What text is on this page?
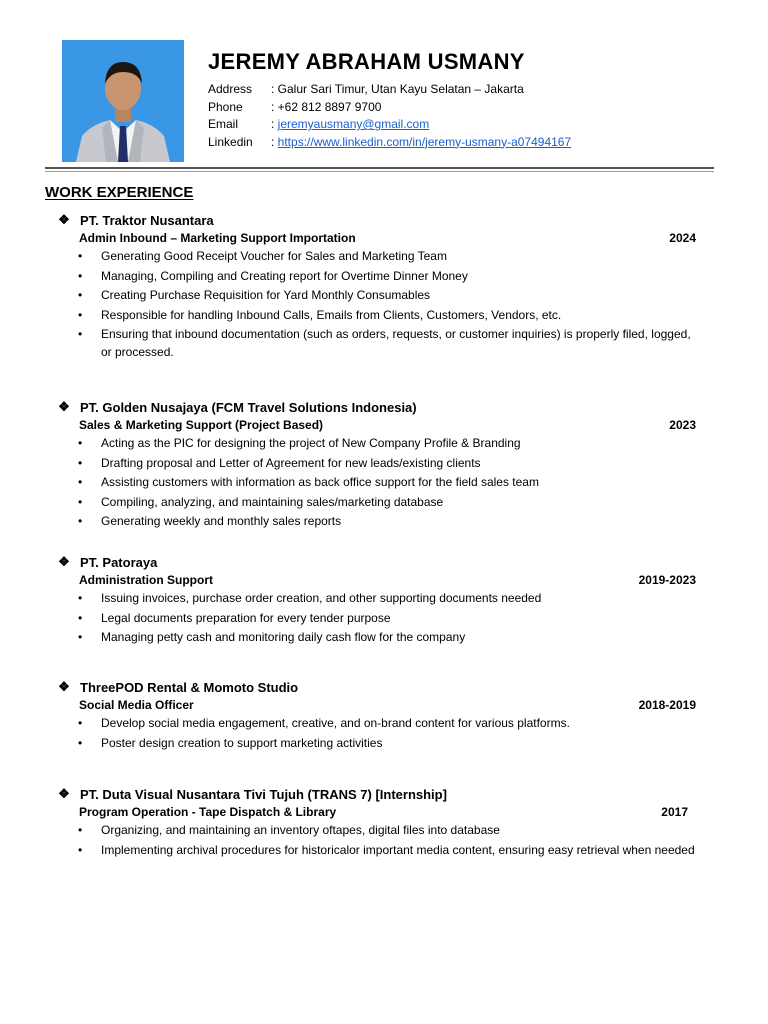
JEREMY ABRAHAM USMANY
Address	: Galur Sari Timur, Utan Kayu Selatan – Jakarta
Phone	: +62 812 8897 9700
Email	: jeremyausmany@gmail.com
Linkedin	: https://www.linkedin.com/in/jeremy-usmany-a07494167
WORK EXPERIENCE
❖ PT. Traktor Nusantara
Admin Inbound – Marketing Support Importation	2024
• Generating Good Receipt Voucher for Sales and Marketing Team
• Managing, Compiling and Creating report for Overtime Dinner Money
• Creating Purchase Requisition for Yard Monthly Consumables
• Responsible for handling Inbound Calls, Emails from Clients, Customers, Vendors, etc.
• Ensuring that inbound documentation (such as orders, requests, or customer inquiries) is properly filed, logged, or processed.
❖ PT. Golden Nusajaya (FCM Travel Solutions Indonesia)
Sales & Marketing Support (Project Based)	2023
• Acting as the PIC for designing the project of New Company Profile & Branding
• Drafting proposal and Letter of Agreement for new leads/existing clients
• Assisting customers with information as back office support for the field sales team
• Compiling, analyzing, and maintaining sales/marketing database
• Generating weekly and monthly sales reports
❖ PT. Patoraya
Administration Support	2019-2023
• Issuing invoices, purchase order creation, and other supporting documents needed
• Legal documents preparation for every tender purpose
• Managing petty cash and monitoring daily cash flow for the company
❖ ThreePOD Rental & Momoto Studio
Social Media Officer	2018-2019
• Develop social media engagement, creative, and on-brand content for various platforms.
• Poster design creation to support marketing activities
❖ PT. Duta Visual Nusantara Tivi Tujuh (TRANS 7) [Internship]
Program Operation - Tape Dispatch & Library	2017
• Organizing, and maintaining an inventory oftapes, digital files into database
• Implementing archival procedures for historicalor important media content, ensuring easy retrieval when needed
